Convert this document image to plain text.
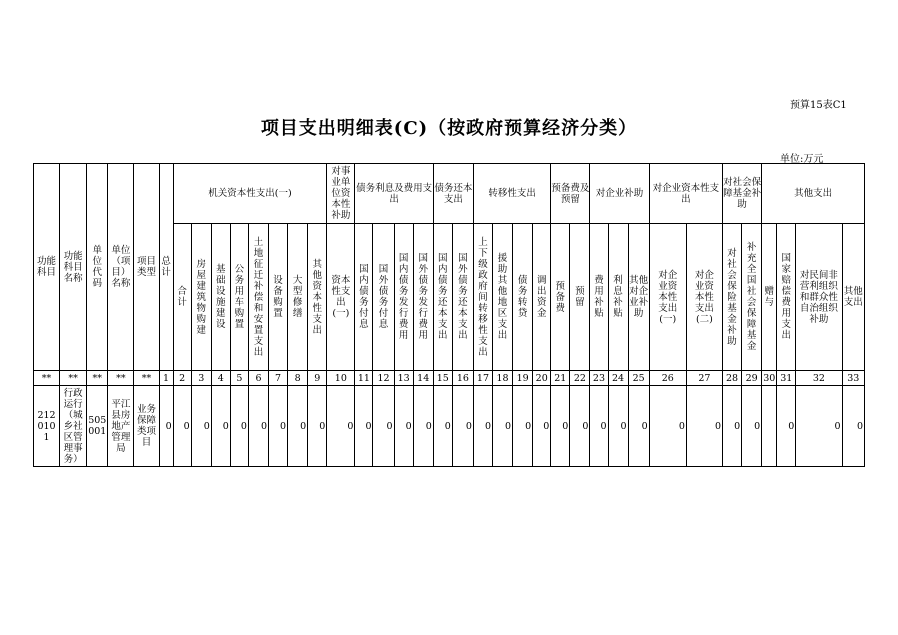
预算15表C1
项目支出明细表(C)（按政府预算经济分类）
单位:万元
功能科目	功能科目名称	单位代码	单位（项目）名称	项目类型	总计	机关资本性支出(一)								对事业单位资本性补助	债务利息及费用支出				债务还本支出		转移性支出				预备费及预留		对企业补助			对企业资本性支出		对社会保障基金补助		其他支出			
						合计	房屋建筑物购建	基础设施建设	公务用车购置	土地征迁补偿和安置支出	设备购置	大型修缮	其他资本性支出	资本性支出(一)	国内债务付息	国外债务付息	国内债务发行费用	国外债务发行费用	国内债务还本支出	国外债务还本支出	上下级政府间转移性支出	援助其他地区支出	债务转贷	调出资金	预备费	预留	费用补贴	利息补贴	其他对企业补助	对企业资本性支出(一)	对企业资本性支出(二)	对社会保险基金补助	补充全国社会保障基金	赠与	国家赔偿费用支出	对民间非营利组织和群众性自治组织补助	其他支出
**	**	**	**	**	1	2	3	4	5	6	7	8	9	10	11	12	13	14	15	16	17	18	19	20	21	22	23	24	25	26	27	28	29	30	31	32	33
2120101	行政运行（城乡社区管理事务）	505001	平江县房地产管理局	业务保障类项目	0	0	0	0	0	0	0	0	0	0	0	0	0	0	0	0	0	0	0	0	0	0	0	0	0	0	0	0	0		0	0	0
